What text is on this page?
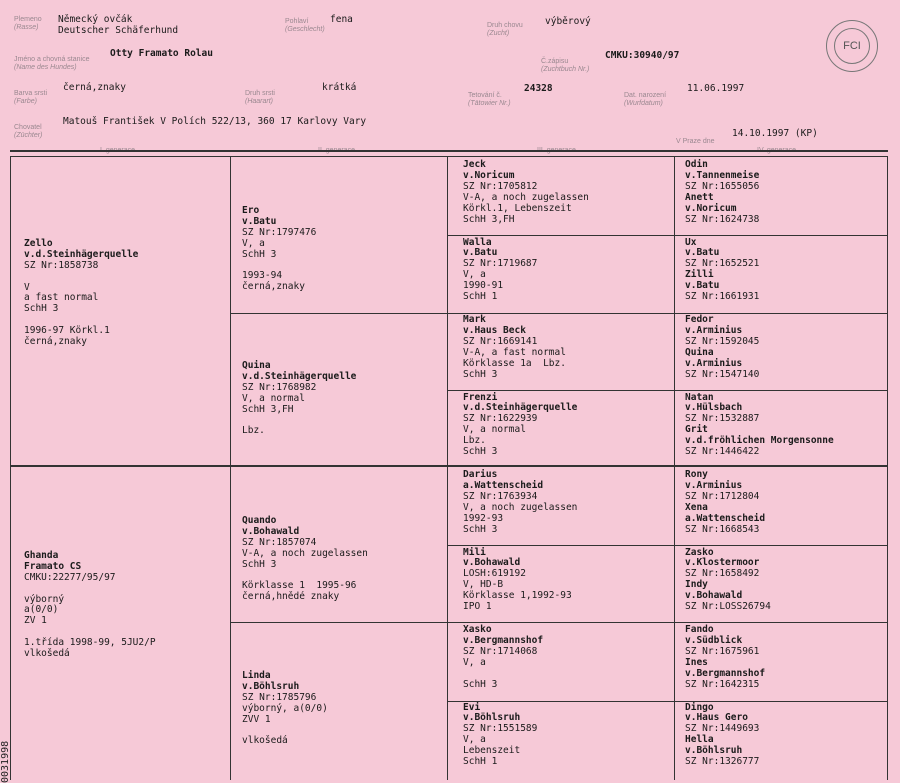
Plemeno
(Rasse)
Německý ovčák
Deutscher Schäferhund
Pohlaví
(Geschlecht)
fena
Druh chovu
(Zucht)
výběrový
Jméno a chovná stanice
(Name des Hundes)
Otty Framato Rolau
Č.zápisu
(Zuchtbuch Nr.)
CMKU:30940/97
Barva srsti
(Farbe)
černá,znaky
Druh srsti
(Haarart)
krátká
Tetování č.
(Tätowier Nr.)
24328
Dat. narození
(Wurfdatum)
11.06.1997
Chovatel
(Züchter)
Matouš František V Polích 522/13, 360 17 Karlovy Vary
14.10.1997 (KP)
V Praze dne
FCI

Zello
v.d.Steinhägerquelle
SZ Nr:1858738

V
a fast normal
SchH 3

1996-97 Körkl.1
černá,znaky

Ghanda
Framato CS
CMKU:22277/95/97

výborný
a(0/0)
ZV 1

1.třída 1998-99, 5JU2/P
vlkošedá

Ero
v.Batu
SZ Nr:1797476
V, a
SchH 3

1993-94
černá,znaky

Quina
v.d.Steinhägerquelle
SZ Nr:1768982
V, a normal
SchH 3,FH

Lbz.

Quando
v.Bohawald
SZ Nr:1857074
V-A, a noch zugelassen
SchH 3

Körklasse 1  1995-96
černá,hnědé znaky

Linda
v.Böhlsruh
SZ Nr:1785796
výborný, a(0/0)
ZVV 1

vlkošedá
Jeck
v.Noricum
SZ Nr:1705812
V-A, a noch zugelassen
Körkl.1, Lebenszeit
SchH 3,FH
Walla
v.Batu
SZ Nr:1719687
V, a
1990-91
SchH 1
Mark
v.Haus Beck
SZ Nr:1669141
V-A, a fast normal
Körklasse 1a  Lbz.
SchH 3
Frenzi
v.d.Steinhägerquelle
SZ Nr:1622939
V, a normal
Lbz.
SchH 3
Darius
a.Wattenscheid
SZ Nr:1763934
V, a noch zugelassen
1992-93
SchH 3
Mili
v.Bohawald
LOSH:619192
V, HD-B
Körklasse 1,1992-93
IPO 1
Xasko
v.Bergmannshof
SZ Nr:1714068
V, a

SchH 3
Evi
v.Böhlsruh
SZ Nr:1551589
V, a
Lebenszeit
SchH 1
Odin
v.Tannenmeise
SZ Nr:1655056
Anett
v.Noricum
SZ Nr:1624738
Ux
v.Batu
SZ Nr:1652521
Zilli
v.Batu
SZ Nr:1661931
Fedor
v.Arminius
SZ Nr:1592045
Quina
v.Arminius
SZ Nr:1547140
Natan
v.Hülsbach
SZ Nr:1532887
Grit
v.d.fröhlichen Morgensonne
SZ Nr:1446422
Rony
v.Arminius
SZ Nr:1712804
Xena
a.Wattenscheid
SZ Nr:1668543
Zasko
v.Klostermoor
SZ Nr:1658492
Indy
v.Bohawald
SZ Nr:LOSS26794
Fando
v.Südblick
SZ Nr:1675961
Ines
v.Bergmannshof
SZ Nr:1642315
Dingo
v.Haus Gero
SZ Nr:1449693
Hella
v.Böhlsruh
SZ Nr:1326777
0031998
